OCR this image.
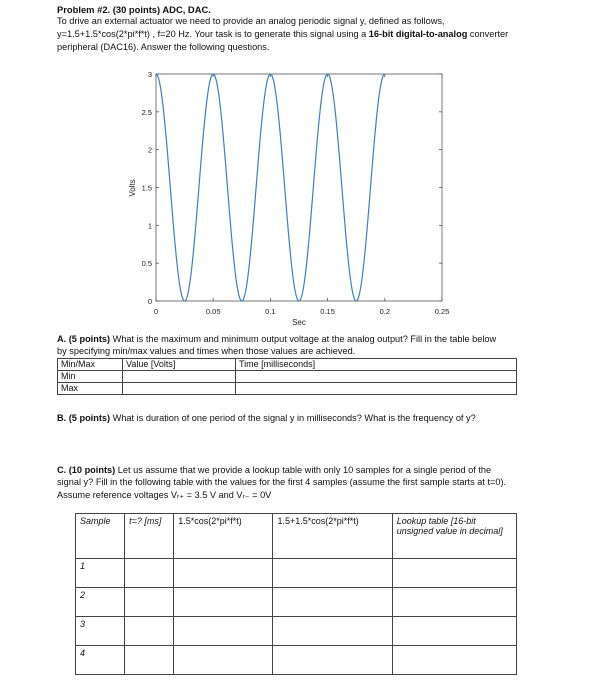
Problem #2. (30 points) ADC, DAC.
To drive an external actuator we need to provide an analog periodic signal y, defined as follows,
y=1.5+1.5*cos(2*pi*f*t) , f=20 Hz. Your task is to generate this signal using a 16-bit digital-to-analog converter
peripheral (DAC16). Answer the following questions.
0	0.05	0.1	0.15	0.2	0.25
0
0.5
1
1.5
2
2.5
3
Sec
Volts
A. (5 points) What is the maximum and minimum output voltage at the analog output? Fill in the table below
by specifying min/max values and times when those values are achieved.
Min/Max	Value [Volts]	Time [milliseconds]
Min		
Max		
B. (5 points) What is duration of one period of the signal y in milliseconds? What is the frequency of y?
C. (10 points) Let us assume that we provide a lookup table with only 10 samples for a single period of the
signal y? Fill in the following table with the values for the first 4 samples (assume the first sample starts at t=0).
Assume reference voltages Vᵣ₊ = 3.5 V and Vᵣ₋ = 0V
Sample	t=? [ms]	1.5*cos(2*pi*f*t)	1.5+1.5*cos(2*pi*f*t)	Lookup table [16-bit unsigned value in decimal]
1				
2				
3				
4				
